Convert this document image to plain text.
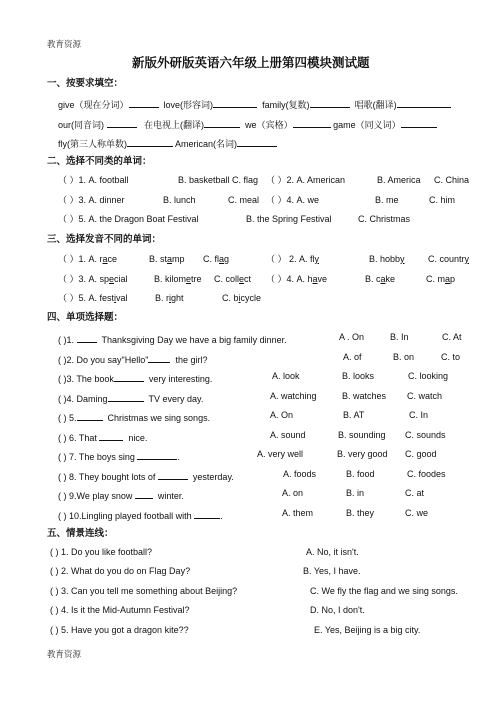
教育资源
新版外研版英语六年级上册第四模块测试题
一、按要求填空：
give（现在分词）	love(形容词)	family(复数)	唱歌(翻译)
our(同音词)	在电视上(翻译)	we（宾格）	game（同义词）
fly(第三人称单数)	American(名词)
二、选择不同类的单词：
（ ）1. A. football	B. basketball C. flag （ ）2. A. American	B. America C. China
（ ）3. A. dinner	B. lunch	C. meal （ ）4. A. we	B. me	C. him
（ ）5. A. the Dragon Boat Festival	B. the Spring Festival	C. Christmas
三、选择发音不同的单词：
（ ）1. A. race	B. stamp C. flag	（ ） 2. A. fly	B. hobby	C. country
（ ）3. A. special	B. kilometre C. collect （ ）4. A. have	B. cake	C. map
（ ）5. A. festival	B. right	C. bicycle
四、单项选择题：
( )1.	Thanksgiving Day we have a big family dinner.	A . On	B. In	C. At
( )2. Do you say"Hello"	the girl?	A. of	B. on	C. to
( )3. The book	very interesting.	A. look	B. looks	C. looking
( )4. Daming	TV every day.	A. watching	B. watches C. watch
( ) 5.	Christmas we sing songs.	A. On	B. AT	C. In
( ) 6. That	nice.	A. sound	B. sounding C. sounds
( ) 7. The boys sing	.	A. very well	B. very good C. good
( ) 8. They bought lots of	yesterday.	A. foods	B. food	C. foodes
( ) 9.We play snow	winter.	A. on	B. in	C. at
( ) 10.Lingling played football with	.	A. them	B. they	C. we
五、情景连线：
( ) 1. Do you like football?	A. No, it isn't.
( ) 2. What do you do on Flag Day?	B. Yes, I have.
( ) 3. Can you tell me something about Beijing?	C. We fly the flag and we sing songs.
( ) 4. Is it the Mid-Autumn Festival?	D. No, I don't.
( ) 5. Have you got a dragon kite??	E. Yes, Beijing is a big city.
教育资源
